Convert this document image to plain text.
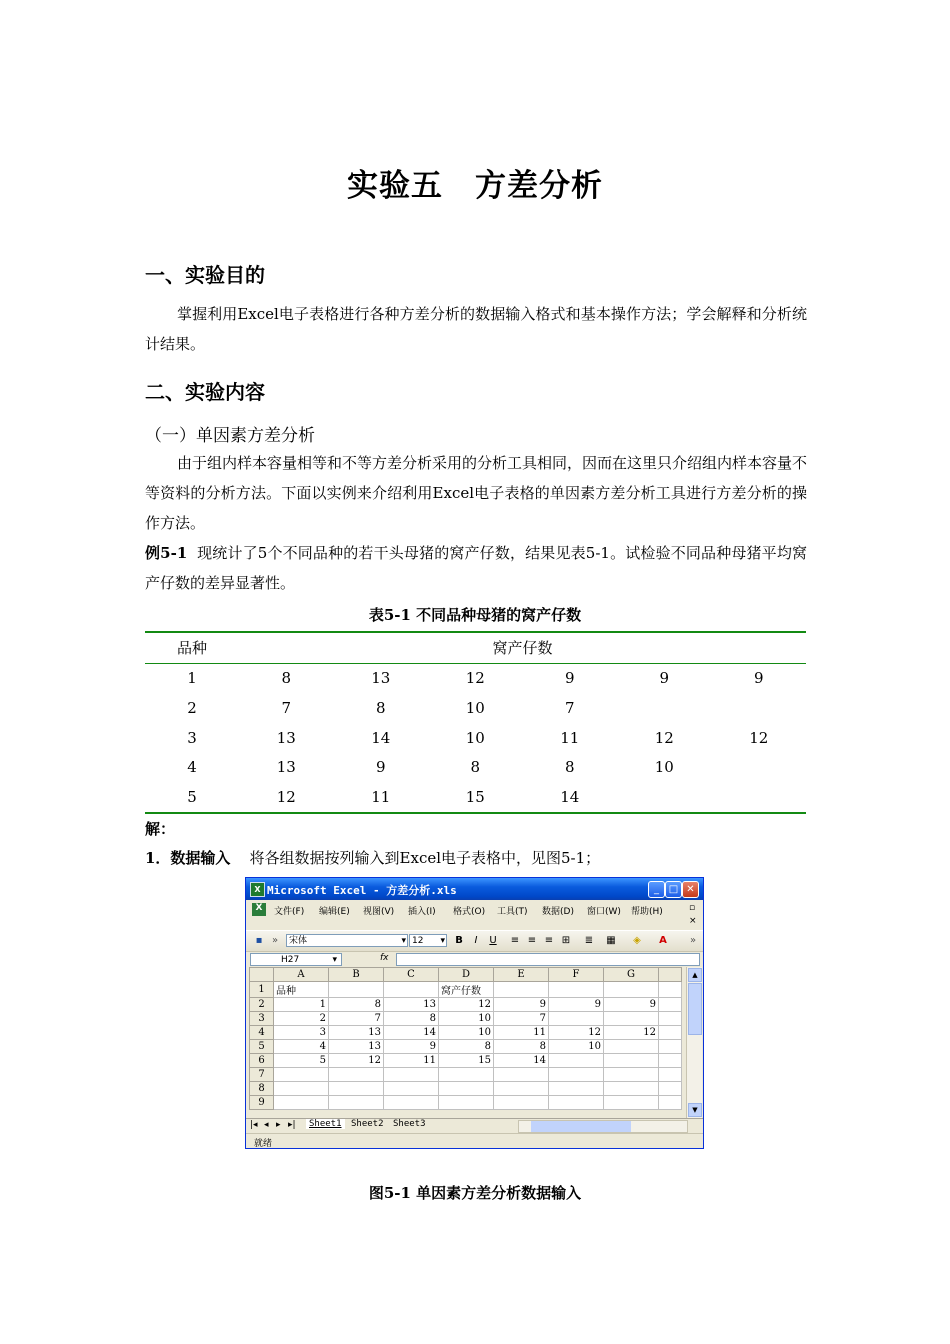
实验五　方差分析
一、实验目的
掌握利用Excel电子表格进行各种方差分析的数据输入格式和基本操作方法；学会解释和分析统计结果。
二、实验内容
（一）单因素方差分析
由于组内样本容量相等和不等方差分析采用的分析工具相同，因而在这里只介绍组内样本容量不等资料的分析方法。下面以实例来介绍利用Excel电子表格的单因素方差分析工具进行方差分析的操作方法。
例5-1 现统计了5个不同品种的若干头母猪的窝产仔数，结果见表5-1。试检验不同品种母猪平均窝产仔数的差异显著性。
表5-1 不同品种母猪的窝产仔数
品种	窝产仔数					
1	8	13	12	9	9	9
2	7	8	10	7		
3	13	14	10	11	12	12
4	13	9	8	8	10	
5	12	11	15	14		
解：
1．数据输入 将各组数据按列输入到Excel电子表格中，见图5-1；
X Microsoft Excel - 方差分析.xls	_ □ ✕
X	文件(F) 编辑(E) 视图(V) 插入(I) 格式(O) 工具(T) 数据(D) 窗口(W) 帮助(H)	▫
×
▪ »	宋体	▾ 12 ▾	B	I	U	≡ ≡ ≡ ⊞ ≣ ▦	◈	A	»
H27	▾	fx
	A	B	C	D	E	F	G	
1	品种			窝产仔数				
2	1	8	13	12	9	9	9	
3	2	7	8	10	7			
4	3	13	14	10	11	12	12	
5	4	13	9	8	8	10		
6	5	12	11	15	14			
7								
8								
9								
▲
▼
|◂ ◂ ▸ ▸|	Sheet1	Sheet2	Sheet3
就绪
图5-1 单因素方差分析数据输入
